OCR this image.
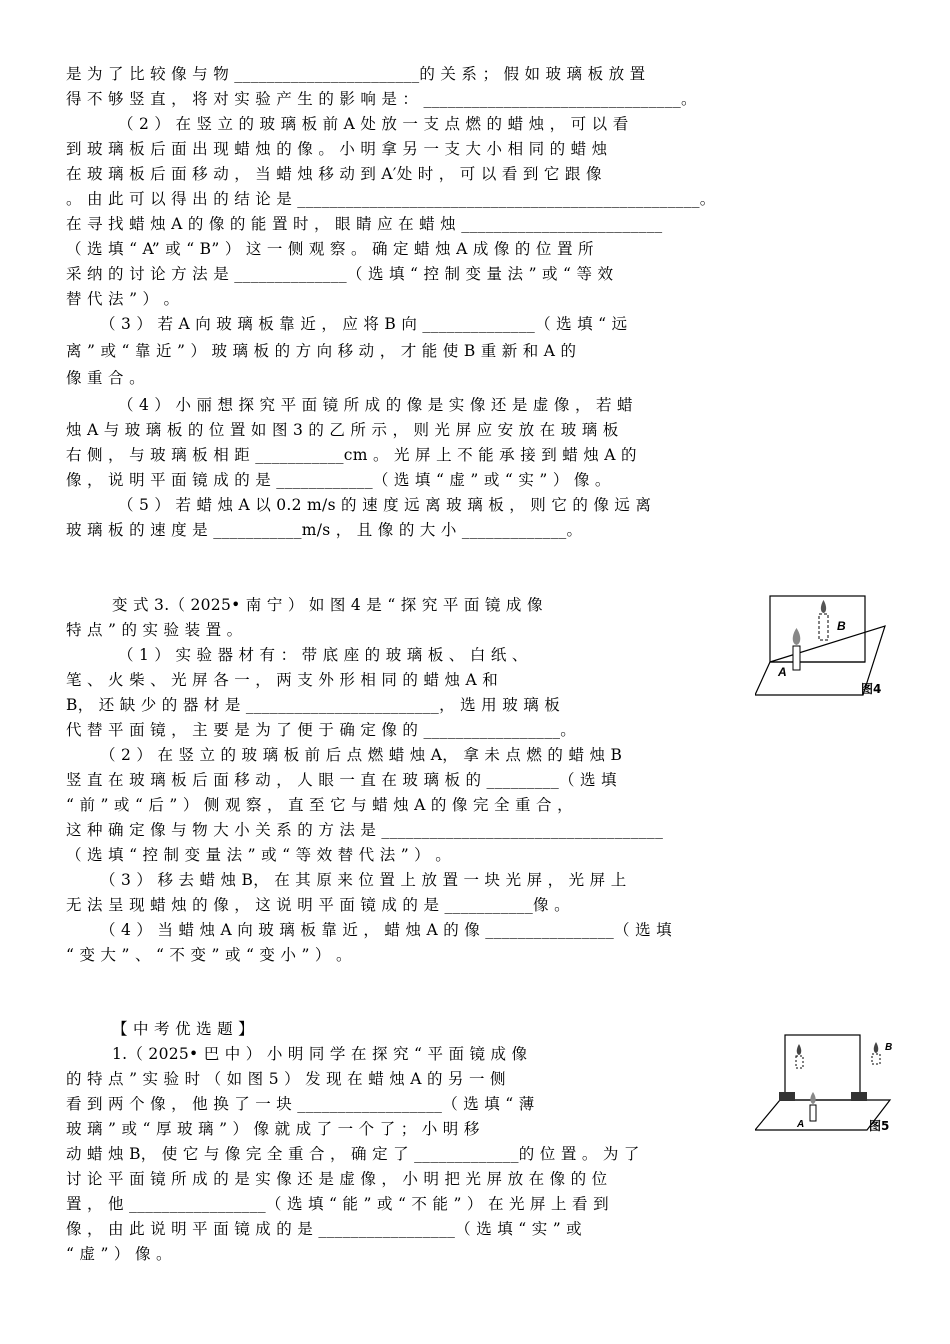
是 为 了 比 较 像 与 物 _______________________的 关 系 ； 假 如 玻 璃 板 放 置
得 不 够 竖 直 ， 将 对 实 验 产 生 的 影 响 是 ： ________________________________。
（ 2 ） 在 竖 立 的 玻 璃 板 前 A 处 放 一 支 点 燃 的 蜡 烛 ， 可 以 看
到 玻 璃 板 后 面 出 现 蜡 烛 的 像 。 小 明 拿 另 一 支 大 小 相 同 的 蜡 烛
在 玻 璃 板 后 面 移 动 ， 当 蜡 烛 移 动 到 A′处 时 ， 可 以 看 到 它 跟 像
。 由 此 可 以 得 出 的 结 论 是 __________________________________________________。
在 寻 找 蜡 烛 A 的 像 的 能 置 时 ， 眼 睛 应 在 蜡 烛 _________________________
（ 选 填 “ A” 或 “ B” ） 这 一 侧 观 察 。 确 定 蜡 烛 A 成 像 的 位 置 所
采 纳 的 讨 论 方 法 是 ______________（ 选 填 “ 控 制 变 量 法 ” 或 “ 等 效
替 代 法 ” ） 。
（ 3 ） 若 A 向 玻 璃 板 靠 近 ， 应 将 B 向 ______________（ 选 填 “ 远
离 ” 或 “ 靠 近 ” ） 玻 璃 板 的 方 向 移 动 ， 才 能 使 B 重 新 和 A 的
像 重 合 。
（ 4 ） 小 丽 想 探 究 平 面 镜 所 成 的 像 是 实 像 还 是 虚 像 ， 若 蜡
烛 A 与 玻 璃 板 的 位 置 如 图 3 的 乙 所 示 ， 则 光 屏 应 安 放 在 玻 璃 板
右 侧 ， 与 玻 璃 板 相 距 ___________cm 。 光 屏 上 不 能 承 接 到 蜡 烛 A 的
像 ， 说 明 平 面 镜 成 的 是 ____________（ 选 填 “ 虚 ” 或 “ 实 ” ） 像 。
（ 5 ） 若 蜡 烛 A 以 0.2 m/s 的 速 度 远 离 玻 璃 板 ， 则 它 的 像 远 离
玻 璃 板 的 速 度 是 ___________m/s ， 且 像 的 大 小 _____________。
变 式 3.（ 2025• 南 宁 ） 如 图 4 是 “ 探 究 平 面 镜 成 像
特 点 ” 的 实 验 装 置 。
（ 1 ） 实 验 器 材 有 ： 带 底 座 的 玻 璃 板 、 白 纸 、
笔 、 火 柴 、 光 屏 各 一 ， 两 支 外 形 相 同 的 蜡 烛 A 和
B， 还 缺 少 的 器 材 是 ________________________， 选 用 玻 璃 板
代 替 平 面 镜 ， 主 要 是 为 了 便 于 确 定 像 的 _________________。
（ 2 ） 在 竖 立 的 玻 璃 板 前 后 点 燃 蜡 烛 A， 拿 未 点 燃 的 蜡 烛 B
竖 直 在 玻 璃 板 后 面 移 动 ， 人 眼 一 直 在 玻 璃 板 的 _________（ 选 填
“ 前 ” 或 “ 后 ” ） 侧 观 察 ， 直 至 它 与 蜡 烛 A 的 像 完 全 重 合 ，
这 种 确 定 像 与 物 大 小 关 系 的 方 法 是 ___________________________________
（ 选 填 “ 控 制 变 量 法 ” 或 “ 等 效 替 代 法 ” ） 。
（ 3 ） 移 去 蜡 烛 B， 在 其 原 来 位 置 上 放 置 一 块 光 屏 ， 光 屏 上
无 法 呈 现 蜡 烛 的 像 ， 这 说 明 平 面 镜 成 的 是 ___________像 。
（ 4 ） 当 蜡 烛 A 向 玻 璃 板 靠 近 ， 蜡 烛 A 的 像 ________________（ 选 填
“ 变 大 ” 、 “ 不 变 ” 或 “ 变 小 ” ） 。
【 中 考 优 选 题 】
1.（ 2025• 巴 中 ） 小 明 同 学 在 探 究 “ 平 面 镜 成 像
的 特 点 ” 实 验 时 （ 如 图 5 ） 发 现 在 蜡 烛 A 的 另 一 侧
看 到 两 个 像 ， 他 换 了 一 块 __________________（ 选 填 “ 薄
玻 璃 ” 或 “ 厚 玻 璃 ” ） 像 就 成 了 一 个 了 ； 小 明 移
动 蜡 烛 B， 使 它 与 像 完 全 重 合 ， 确 定 了 _____________的 位 置 。 为 了
讨 论 平 面 镜 所 成 的 是 实 像 还 是 虚 像 ， 小 明 把 光 屏 放 在 像 的 位
置 ， 他 _________________（ 选 填 “ 能 ” 或 “ 不 能 ” ） 在 光 屏 上 看 到
像 ， 由 此 说 明 平 面 镜 成 的 是 _________________（ 选 填 “ 实 ” 或
“ 虚 ” ） 像 。
B
A
图4
B
A	图5
